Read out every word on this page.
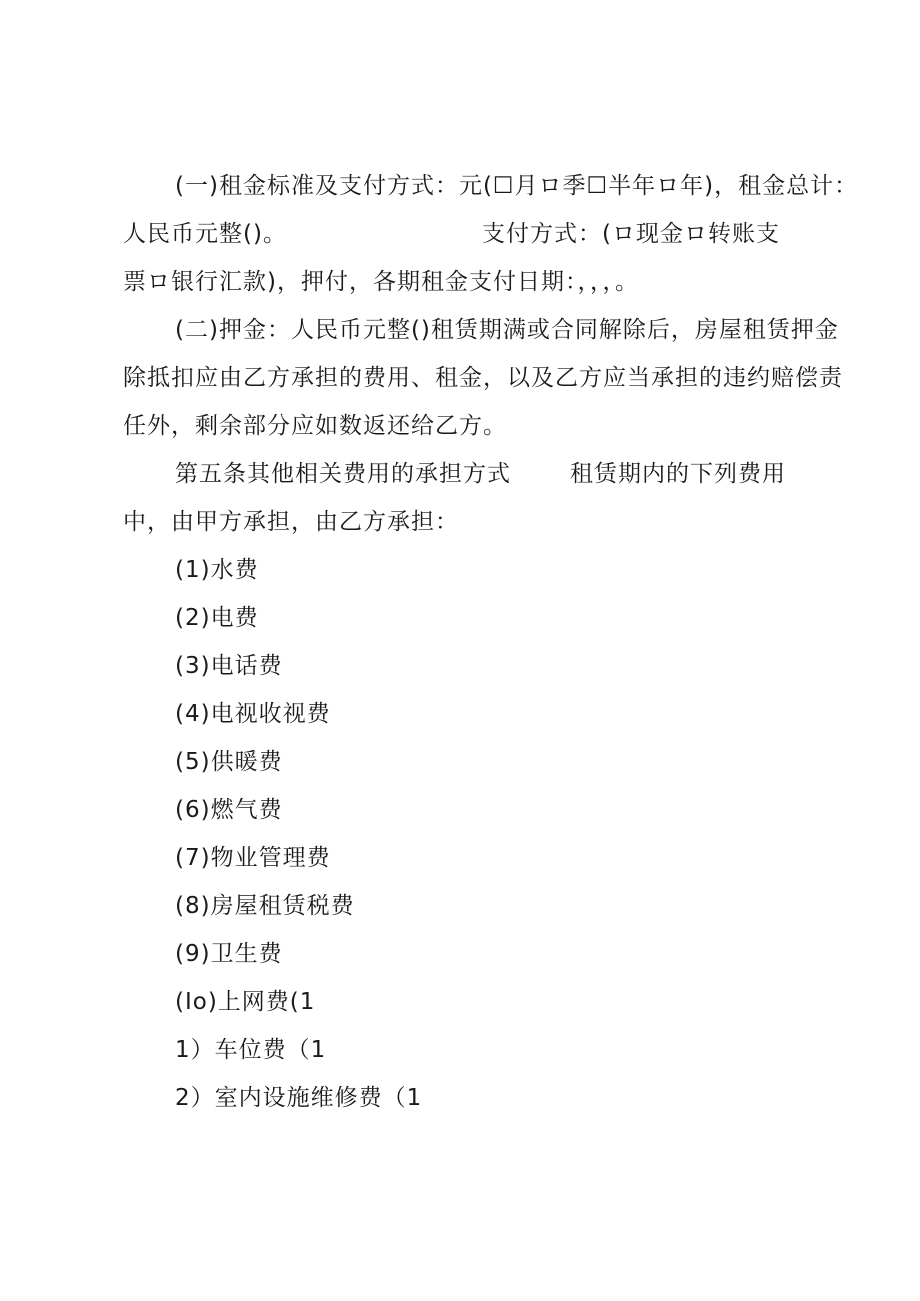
(一)租金标准及支付方式：元(☐月ロ季☐半年ロ年)，租金总计：
人民币元整()。	支付方式：(ロ现金ロ转账支
票ロ银行汇款)，押付，各期租金支付日期：，，，。
(二)押金：人民币元整()租赁期满或合同解除后，房屋租赁押金
除抵扣应由乙方承担的费用、租金，以及乙方应当承担的违约赔偿责
任外，剩余部分应如数返还给乙方。
第五条其他相关费用的承担方式	租赁期内的下列费用
中，由甲方承担，由乙方承担：
(1)水费
(2)电费
(3)电话费
(4)电视收视费
(5)供暖费
(6)燃气费
(7)物业管理费
(8)房屋租赁税费
(9)卫生费
(Io)上网费(1
1）车位费（1
2）室内设施维修费（1
